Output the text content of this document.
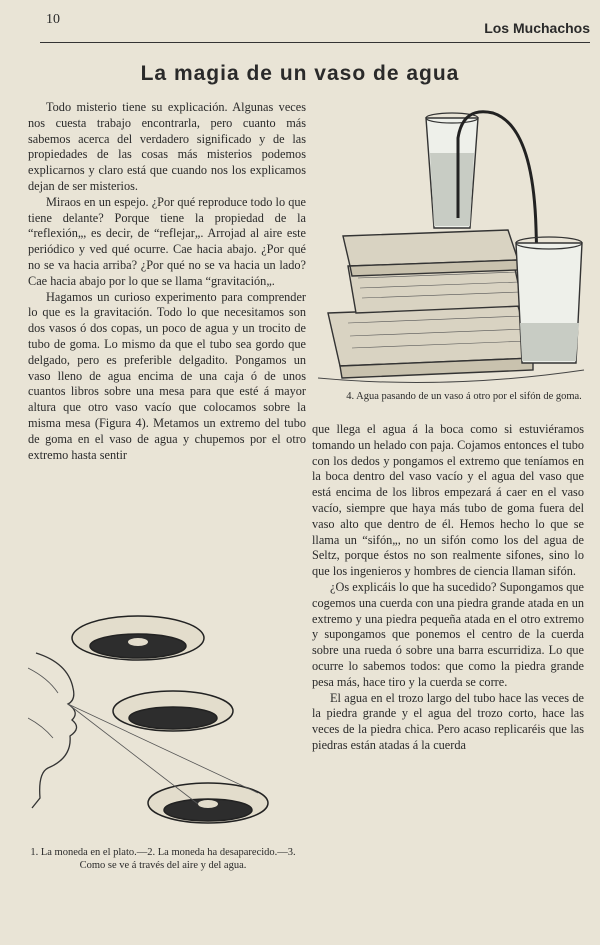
10
Los Muchachos
La magia de un vaso de agua

Todo misterio tiene su explicación. Algunas veces nos cuesta trabajo encontrarla, pero cuanto más sabemos acerca del verdadero significado y de las propiedades de las cosas más misterios podemos explicarnos y claro está que cuando nos los explicamos dejan de ser misterios.

Miraos en un espejo. ¿Por qué reproduce todo lo que tiene delante? Porque tiene la propiedad de la “reflexión„, es decir, de “reflejar„. Arrojad al aire este periódico y ved qué ocurre. Cae hacia abajo. ¿Por qué no se va hacia arriba? ¿Por qué no se va hacia un lado? Cae hacia abajo por lo que se llama “gravitación„.

Hagamos un curioso experimento para comprender lo que es la gravitación. Todo lo que necesitamos son dos vasos ó dos copas, un poco de agua y un trocito de tubo de goma. Lo mismo da que el tubo sea gordo que delgado, pero es preferible delgadito. Pongamos un vaso lleno de agua encima de una caja ó de unos cuantos libros sobre una mesa para que esté á mayor altura que otro vaso vacío que colocamos sobre la misma mesa (Figura 4). Metamos un extremo del tubo de goma en el vaso de agua y chupemos por el otro extremo hasta sentir

4. Agua pasando de un vaso á otro por el sifón de goma.

que llega el agua á la boca como si estuviéramos tomando un helado con paja. Cojamos entonces el tubo con los dedos y pongamos el extremo que teníamos en la boca dentro del vaso vacío y el agua del vaso que está encima de los libros empezará á caer en el vaso vacío, siempre que haya más tubo de goma fuera del vaso alto que dentro de él. Hemos hecho lo que se llama un “sifón„, no un sifón como los del agua de Seltz, porque éstos no son realmente sifones, sino lo que los ingenieros y hombres de ciencia llaman sifón.

¿Os explicáis lo que ha sucedido? Supongamos que cogemos una cuerda con una piedra grande atada en un extremo y una piedra pequeña atada en el otro extremo y supongamos que ponemos el centro de la cuerda sobre una rueda ó sobre una barra escurridiza. Lo que ocurre lo sabemos todos: que como la piedra grande pesa más, hace tiro y la cuerda se corre.

El agua en el trozo largo del tubo hace las veces de la piedra grande y el agua del trozo corto, hace las veces de la piedra chica. Pero acaso replicaréis que las piedras están atadas á la cuerda

1. La moneda en el plato.—2. La moneda ha desaparecido.—3. Como se ve á través del aire y del agua.
